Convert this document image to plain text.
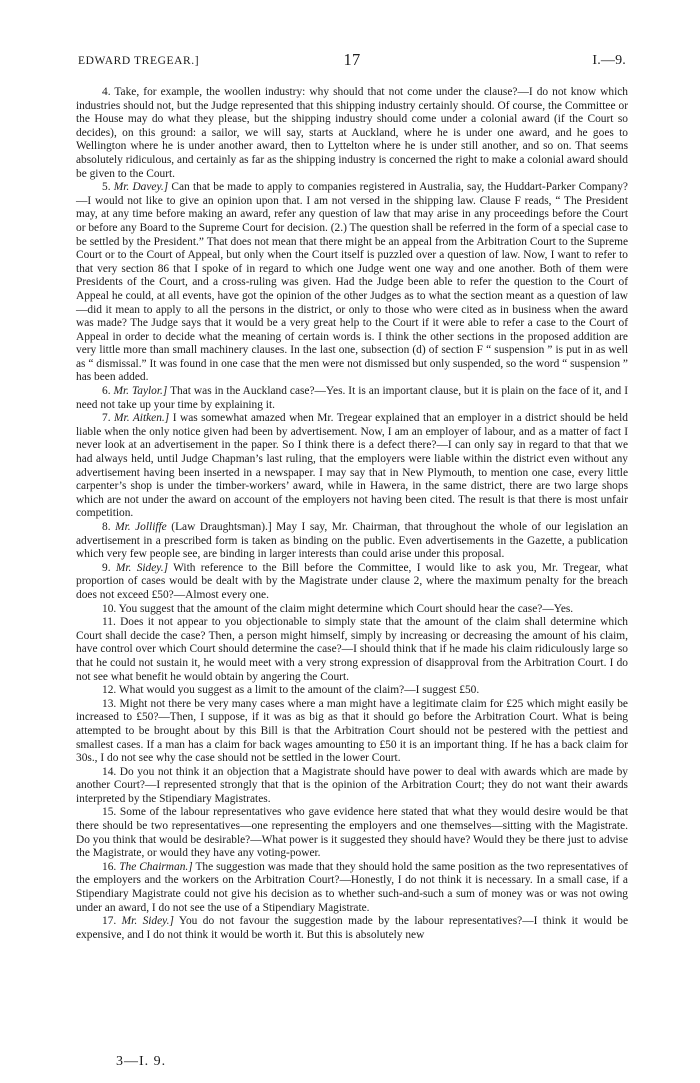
EDWARD TREGEAR.]	17	I.—9.

4. Take, for example, the woollen industry: why should that not come under the clause?—I do not know which industries should not, but the Judge represented that this shipping industry certainly should. Of course, the Committee or the House may do what they please, but the shipping industry should come under a colonial award (if the Court so decides), on this ground: a sailor, we will say, starts at Auckland, where he is under one award, and he goes to Wellington where he is under another award, then to Lyttelton where he is under still another, and so on. That seems absolutely ridiculous, and certainly as far as the shipping industry is concerned the right to make a colonial award should be given to the Court.

5. Mr. Davey.] Can that be made to apply to companies registered in Australia, say, the Huddart-Parker Company?—I would not like to give an opinion upon that. I am not versed in the shipping law. Clause F reads, “ The President may, at any time before making an award, refer any question of law that may arise in any proceedings before the Court or before any Board to the Supreme Court for decision. (2.) The question shall be referred in the form of a special case to be settled by the President.” That does not mean that there might be an appeal from the Arbitration Court to the Supreme Court or to the Court of Appeal, but only when the Court itself is puzzled over a question of law. Now, I want to refer to that very section 86 that I spoke of in regard to which one Judge went one way and one another. Both of them were Presidents of the Court, and a cross-ruling was given. Had the Judge been able to refer the question to the Court of Appeal he could, at all events, have got the opinion of the other Judges as to what the section meant as a question of law—did it mean to apply to all the persons in the district, or only to those who were cited as in business when the award was made? The Judge says that it would be a very great help to the Court if it were able to refer a case to the Court of Appeal in order to decide what the meaning of certain words is. I think the other sections in the proposed addition are very little more than small machinery clauses. In the last one, subsection (d) of section F “ suspension ” is put in as well as “ dismissal.” It was found in one case that the men were not dismissed but only suspended, so the word “ suspension ” has been added.

6. Mr. Taylor.] That was in the Auckland case?—Yes. It is an important clause, but it is plain on the face of it, and I need not take up your time by explaining it.

7. Mr. Aitken.] I was somewhat amazed when Mr. Tregear explained that an employer in a district should be held liable when the only notice given had been by advertisement. Now, I am an employer of labour, and as a matter of fact I never look at an advertisement in the paper. So I think there is a defect there?—I can only say in regard to that that we had always held, until Judge Chapman’s last ruling, that the employers were liable within the district even without any advertisement having been inserted in a newspaper. I may say that in New Plymouth, to mention one case, every little carpenter’s shop is under the timber-workers’ award, while in Hawera, in the same district, there are two large shops which are not under the award on account of the employers not having been cited. The result is that there is most unfair competition.

8. Mr. Jolliffe (Law Draughtsman).] May I say, Mr. Chairman, that throughout the whole of our legislation an advertisement in a prescribed form is taken as binding on the public. Even advertisements in the Gazette, a publication which very few people see, are binding in larger interests than could arise under this proposal.

9. Mr. Sidey.] With reference to the Bill before the Committee, I would like to ask you, Mr. Tregear, what proportion of cases would be dealt with by the Magistrate under clause 2, where the maximum penalty for the breach does not exceed £50?—Almost every one.

10. You suggest that the amount of the claim might determine which Court should hear the case?—Yes.

11. Does it not appear to you objectionable to simply state that the amount of the claim shall determine which Court shall decide the case? Then, a person might himself, simply by increasing or decreasing the amount of his claim, have control over which Court should determine the case?—I should think that if he made his claim ridiculously large so that he could not sustain it, he would meet with a very strong expression of disapproval from the Arbitration Court. I do not see what benefit he would obtain by angering the Court.

12. What would you suggest as a limit to the amount of the claim?—I suggest £50.

13. Might not there be very many cases where a man might have a legitimate claim for £25 which might easily be increased to £50?—Then, I suppose, if it was as big as that it should go before the Arbitration Court. What is being attempted to be brought about by this Bill is that the Arbitration Court should not be pestered with the pettiest and smallest cases. If a man has a claim for back wages amounting to £50 it is an important thing. If he has a back claim for 30s., I do not see why the case should not be settled in the lower Court.

14. Do you not think it an objection that a Magistrate should have power to deal with awards which are made by another Court?—I represented strongly that that is the opinion of the Arbitration Court; they do not want their awards interpreted by the Stipendiary Magistrates.

15. Some of the labour representatives who gave evidence here stated that what they would desire would be that there should be two representatives—one representing the employers and one themselves—sitting with the Magistrate. Do you think that would be desirable?—What power is it suggested they should have? Would they be there just to advise the Magistrate, or would they have any voting-power.

16. The Chairman.] The suggestion was made that they should hold the same position as the two representatives of the employers and the workers on the Arbitration Court?—Honestly, I do not think it is necessary. In a small case, if a Stipendiary Magistrate could not give his decision as to whether such-and-such a sum of money was or was not owing under an award, I do not see the use of a Stipendiary Magistrate.

17. Mr. Sidey.] You do not favour the suggestion made by the labour representatives?—I think it would be expensive, and I do not think it would be worth it. But this is absolutely new

3—I. 9.
